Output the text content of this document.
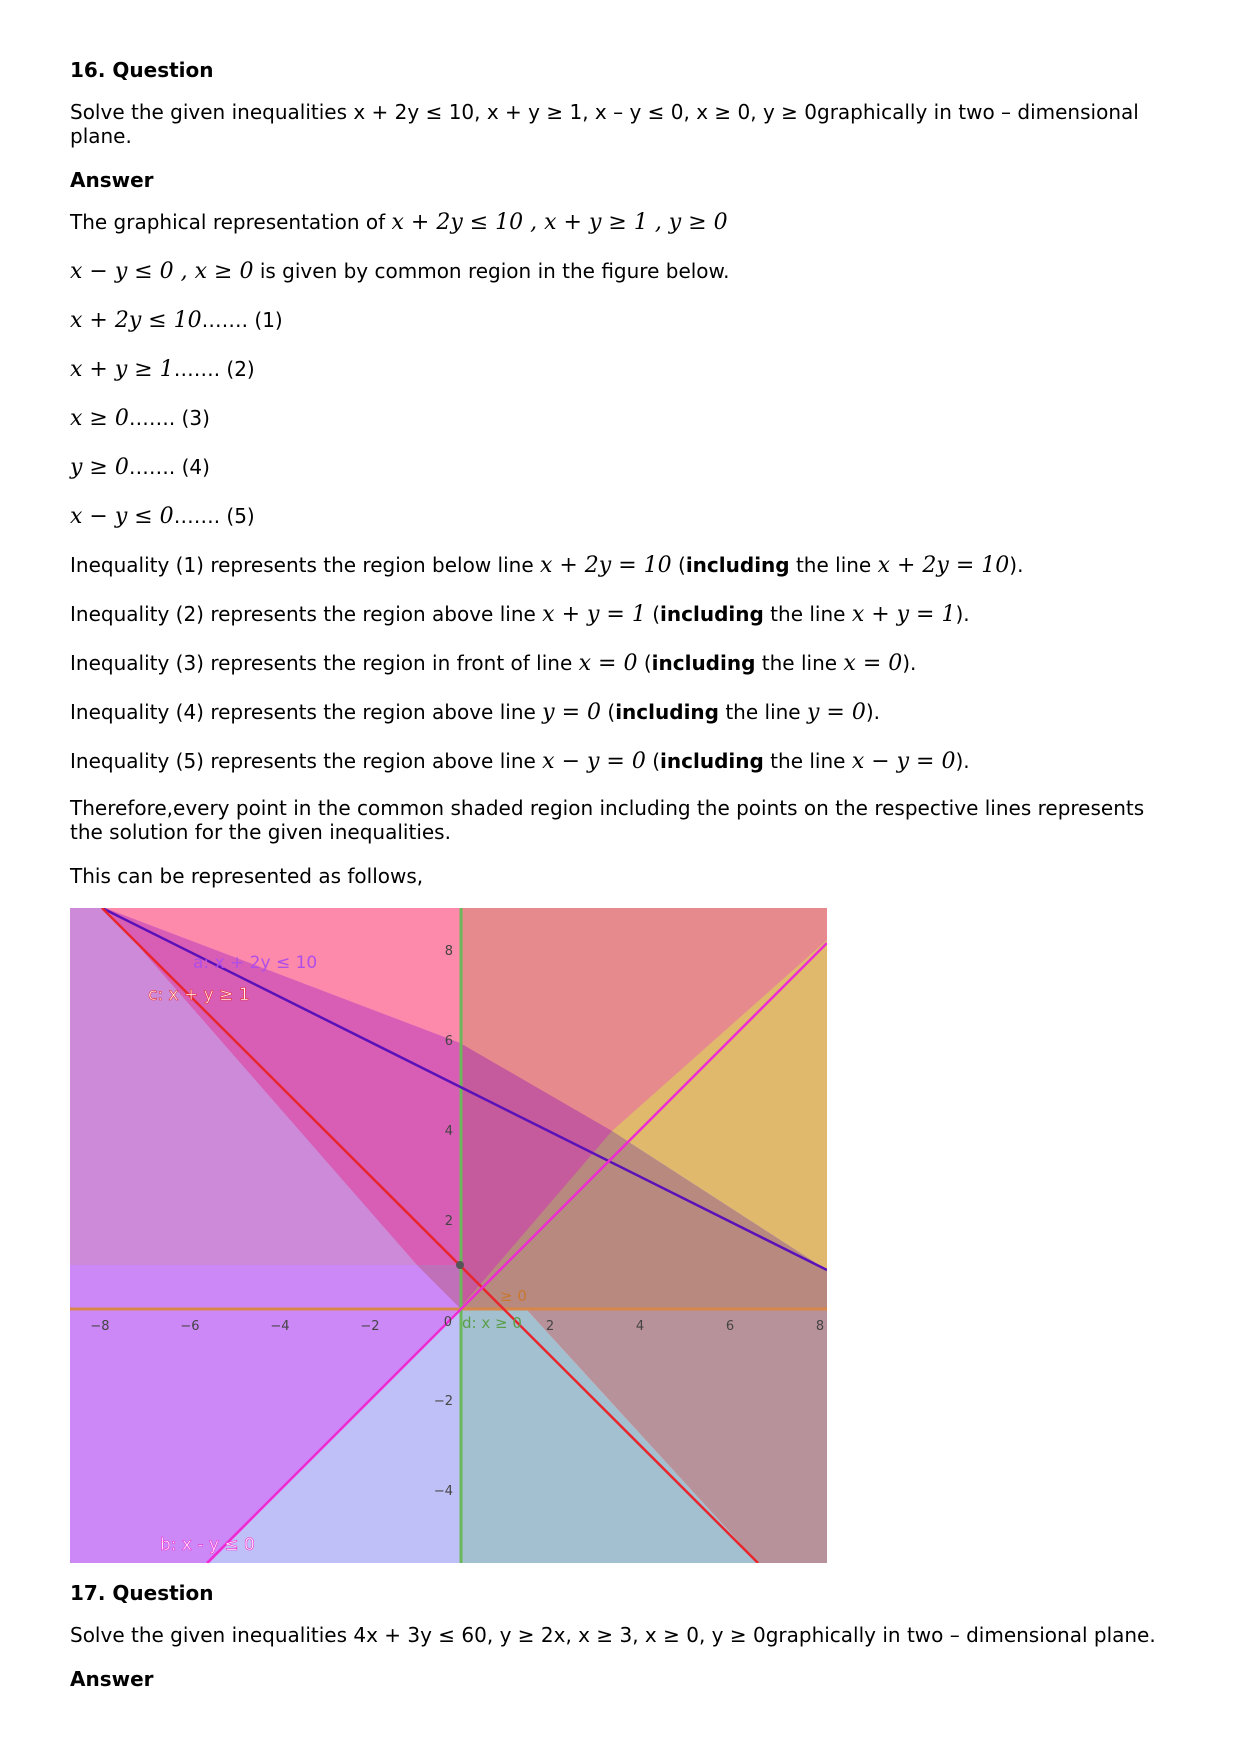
16. Question
Solve the given inequalities x + 2y ≤ 10, x + y ≥ 1, x – y ≤ 0, x ≥ 0, y ≥ 0graphically in two – dimensional plane.
Answer
The graphical representation of x + 2y ≤ 10 , x + y ≥ 1 , y ≥ 0
x − y ≤ 0 , x ≥ 0 is given by common region in the figure below.
x + 2y ≤ 10……. (1)
x + y ≥ 1……. (2)
x ≥ 0……. (3)
y ≥ 0……. (4)
x − y ≤ 0……. (5)
Inequality (1) represents the region below line x + 2y = 10 (including the line x + 2y = 10).
Inequality (2) represents the region above line x + y = 1 (including the line x + y = 1).
Inequality (3) represents the region in front of line x = 0 (including the line x = 0).
Inequality (4) represents the region above line y = 0 (including the line y = 0).
Inequality (5) represents the region above line x − y = 0 (including the line x − y = 0).
Therefore,every point in the common shaded region including the points on the respective lines represents the solution for the given inequalities.
This can be represented as follows,
−8	−6	−4	−2	2	4	6	8
8
6
4
2
−2
−4
0
a: x + 2y ≤ 10
c: x + y ≥ 1
b: x - y ≤ 0
d: x ≥ 0
≥ 0
17. Question
Solve the given inequalities 4x + 3y ≤ 60, y ≥ 2x, x ≥ 3, x ≥ 0, y ≥ 0graphically in two – dimensional plane.
Answer
